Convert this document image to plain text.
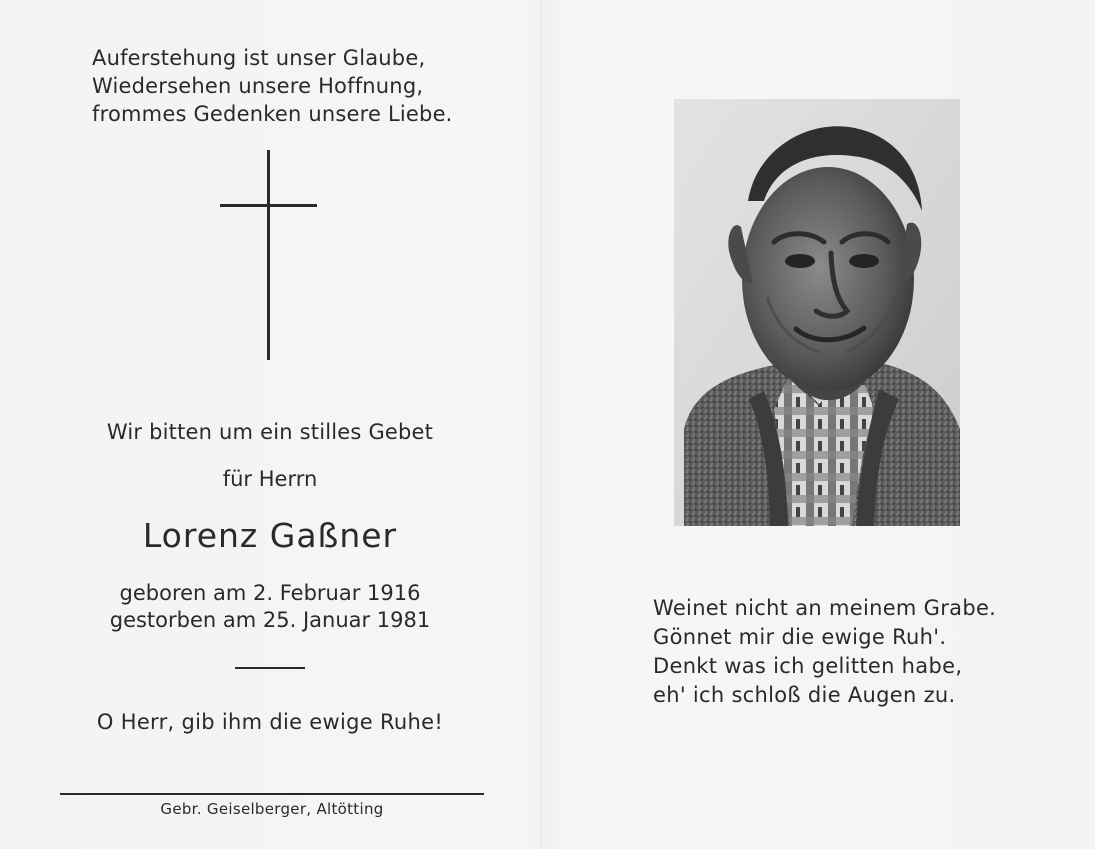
Auferstehung ist unser Glaube,
Wiedersehen unsere Hoffnung,
frommes Gedenken unsere Liebe.
Wir bitten um ein stilles Gebet
für Herrn
Lorenz Gaßner
geboren am 2. Februar 1916
gestorben am 25. Januar 1981
O Herr, gib ihm die ewige Ruhe!
Gebr. Geiselberger, Altötting
Weinet nicht an meinem Grabe.
Gönnet mir die ewige Ruh'.
Denkt was ich gelitten habe,
eh' ich schloß die Augen zu.
